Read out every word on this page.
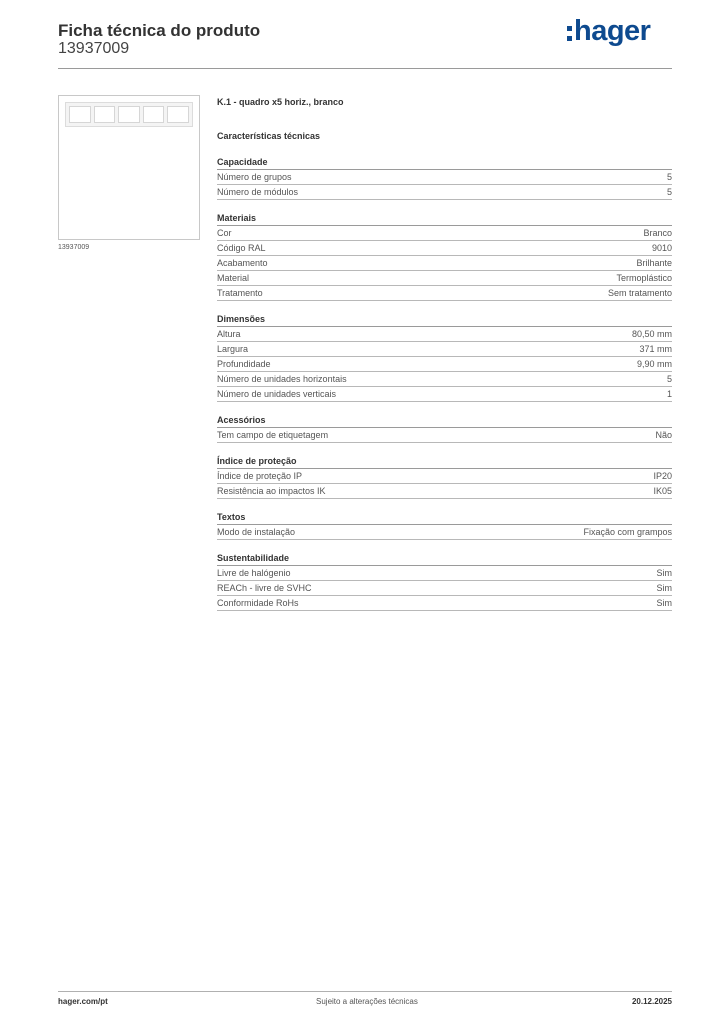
Ficha técnica do produto
13937009
hager
13937009
K.1 - quadro x5 horiz., branco
Características técnicas
Capacidade
Número de grupos	5
Número de módulos	5
Materiais
Cor	Branco
Código RAL	9010
Acabamento	Brilhante
Material	Termoplástico
Tratamento	Sem tratamento
Dimensões
Altura	80,50 mm
Largura	371 mm
Profundidade	9,90 mm
Número de unidades horizontais	5
Número de unidades verticais	1
Acessórios
Tem campo de etiquetagem	Não
Índice de proteção
Índice de proteção IP	IP20
Resistência ao impactos IK	IK05
Textos
Modo de instalação	Fixação com grampos
Sustentabilidade
Livre de halógenio	Sim
REACh - livre de SVHC	Sim
Conformidade RoHs	Sim
hager.com/pt	Sujeito a alterações técnicas	20.12.2025
